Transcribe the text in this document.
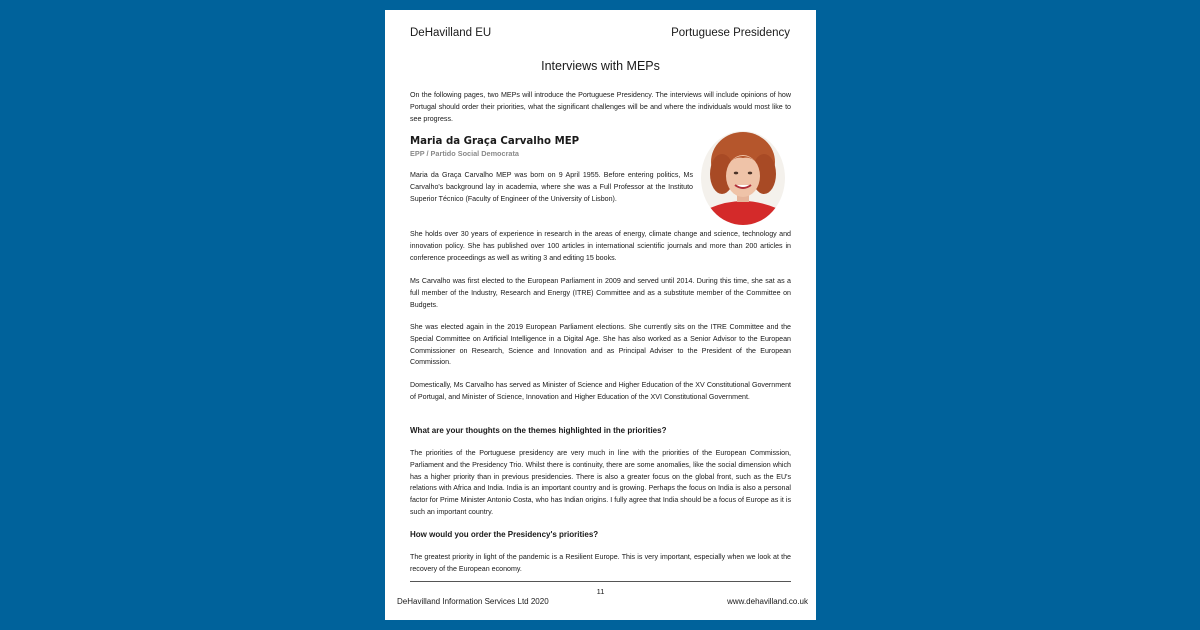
DeHavilland EU	Portuguese Presidency
Interviews with MEPs

On the following pages, two MEPs will introduce the Portuguese Presidency. The interviews will include opinions of how Portugal should order their priorities, what the significant challenges will be and where the individuals would most like to see progress.

Maria da Graça Carvalho MEP
EPP / Partido Social Democrata

Maria da Graça Carvalho MEP was born on 9 April 1955. Before entering politics, Ms Carvalho's background lay in academia, where she was a Full Professor at the Instituto Superior Técnico (Faculty of Engineer of the University of Lisbon).

She holds over 30 years of experience in research in the areas of energy, climate change and science, technology and innovation policy. She has published over 100 articles in international scientific journals and more than 200 articles in conference proceedings as well as writing 3 and editing 15 books.

Ms Carvalho was first elected to the European Parliament in 2009 and served until 2014. During this time, she sat as a full member of the Industry, Research and Energy (ITRE) Committee and as a substitute member of the Committee on Budgets.

She was elected again in the 2019 European Parliament elections. She currently sits on the ITRE Committee and the Special Committee on Artificial Intelligence in a Digital Age. She has also worked as a Senior Advisor to the European Commissioner on Research, Science and Innovation and as Principal Adviser to the President of the European Commission.

Domestically, Ms Carvalho has served as Minister of Science and Higher Education of the XV Constitutional Government of Portugal, and Minister of Science, Innovation and Higher Education of the XVI Constitutional Government.

What are your thoughts on the themes highlighted in the priorities?

The priorities of the Portuguese presidency are very much in line with the priorities of the European Commission, Parliament and the Presidency Trio. Whilst there is continuity, there are some anomalies, like the social dimension which has a higher priority than in previous presidencies. There is also a greater focus on the global front, such as the EU's relations with Africa and India. India is an important country and is growing. Perhaps the focus on India is also a personal factor for Prime Minister Antonio Costa, who has Indian origins. I fully agree that India should be a focus of Europe as it is such an important country.

How would you order the Presidency's priorities?

The greatest priority in light of the pandemic is a Resilient Europe. This is very important, especially when we look at the recovery of the European economy.

11
DeHavilland Information Services Ltd 2020	www.dehavilland.co.uk
